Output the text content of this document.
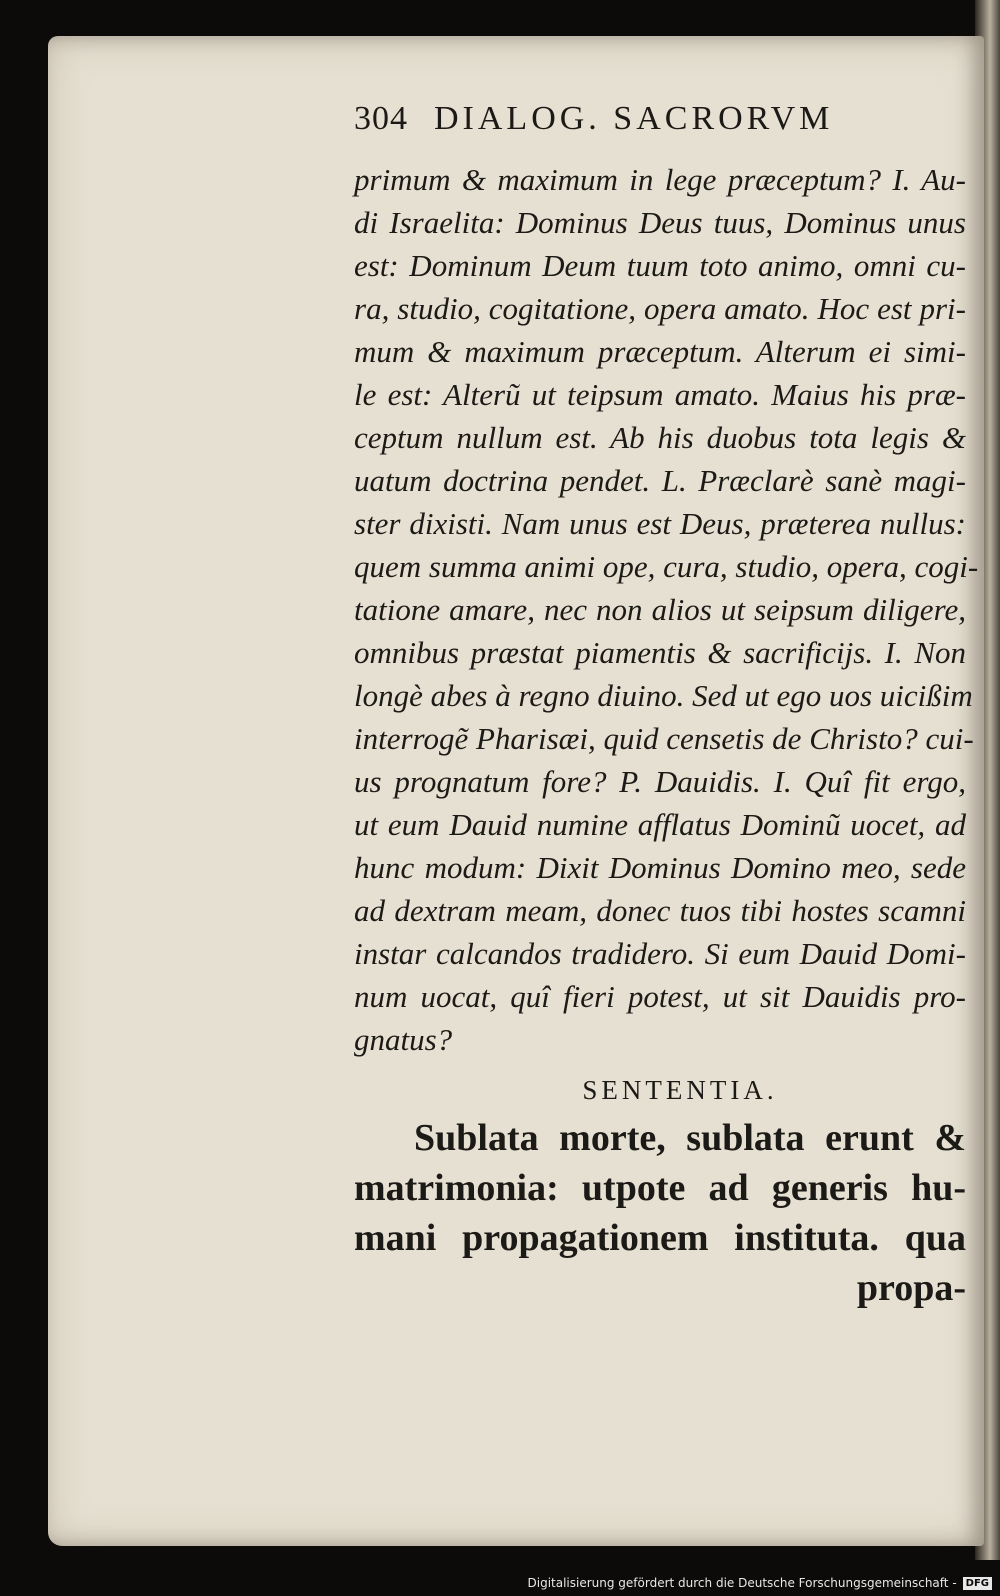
304 DIALOG. SACRORVM
primum & maximum in lege præceptum? I. Au-
di Israelita: Dominus Deus tuus, Dominus unus
est: Dominum Deum tuum toto animo, omni cu-
ra, studio, cogitatione, opera amato. Hoc est pri-
mum & maximum præceptum. Alterum ei simi-
le est: Alterũ ut teipsum amato. Maius his præ-
ceptum nullum est. Ab his duobus tota legis &
uatum doctrina pendet. L. Præclarè sanè magi-
ster dixisti. Nam unus est Deus, præterea nullus:
quem summa animi ope, cura, studio, opera, cogi-
tatione amare, nec non alios ut seipsum diligere,
omnibus præstat piamentis & sacrificijs. I. Non
longè abes à regno diuino. Sed ut ego uos uicißim
interrogẽ Pharisæi, quid censetis de Christo? cui-
us prognatum fore? P. Dauidis. I. Quî fit ergo,
ut eum Dauid numine afflatus Dominũ uocet, ad
hunc modum: Dixit Dominus Domino meo, sede
ad dextram meam, donec tuos tibi hostes scamni
instar calcandos tradidero. Si eum Dauid Domi-
num uocat, quî fieri potest, ut sit Dauidis pro-
gnatus?
SENTENTIA.
Sublata morte, sublata erunt &
matrimonia: utpote ad generis hu-
mani propagationem instituta. qua
propa-
Digitalisierung gefördert durch die Deutsche Forschungsgemeinschaft - DFG
